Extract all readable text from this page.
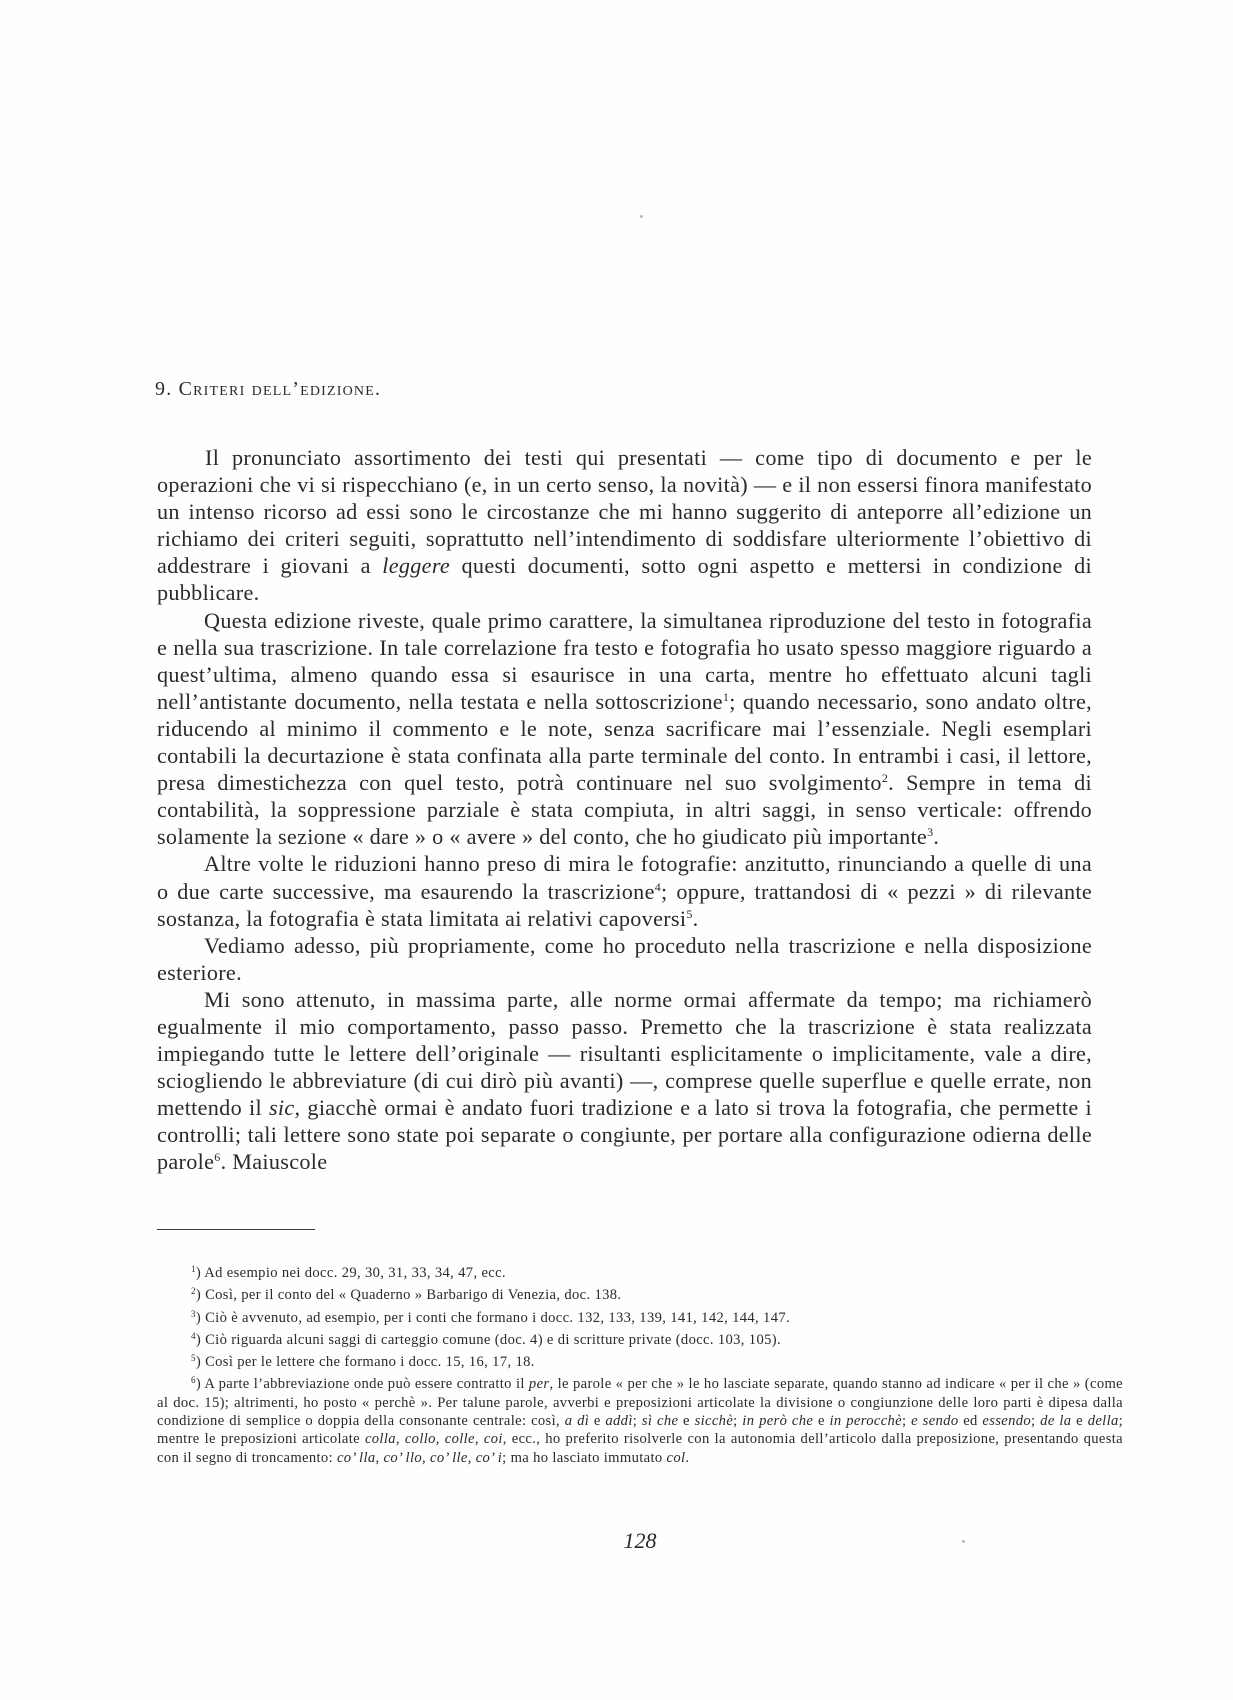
9. Criteri dell’edizione.

Il pronunciato assortimento dei testi qui presentati — come tipo di documento e per le operazioni che vi si rispecchiano (e, in un certo senso, la novità) — e il non essersi finora manifestato un intenso ricorso ad essi sono le circostanze che mi hanno suggerito di anteporre all’edizione un richiamo dei criteri seguiti, soprattutto nell’intendimento di soddisfare ulteriormente l’obiettivo di addestrare i giovani a leggere questi documenti, sotto ogni aspetto e mettersi in condizione di pubblicare.

Questa edizione riveste, quale primo carattere, la simultanea riproduzione del testo in fotografia e nella sua trascrizione. In tale correlazione fra testo e fotografia ho usato spesso maggiore riguardo a quest’ultima, almeno quando essa si esaurisce in una carta, mentre ho effettuato alcuni tagli nell’antistante documento, nella testata e nella sottoscrizione$^1$; quando necessario, sono andato oltre, riducendo al minimo il commento e le note, senza sacrificare mai l’essenziale. Negli esemplari contabili la decurtazione è stata confinata alla parte terminale del conto. In entrambi i casi, il lettore, presa dimestichezza con quel testo, potrà continuare nel suo svolgimento$^2$. Sempre in tema di contabilità, la soppressione parziale è stata compiuta, in altri saggi, in senso verticale: offrendo solamente la sezione « dare » o « avere » del conto, che ho giudicato più importante$^3$.

Altre volte le riduzioni hanno preso di mira le fotografie: anzitutto, rinunciando a quelle di una o due carte successive, ma esaurendo la trascrizione$^4$; oppure, trattandosi di « pezzi » di rilevante sostanza, la fotografia è stata limitata ai relativi capoversi$^5$.

Vediamo adesso, più propriamente, come ho proceduto nella trascrizione e nella disposizione esteriore.

Mi sono attenuto, in massima parte, alle norme ormai affermate da tempo; ma richiamerò egualmente il mio comportamento, passo passo. Premetto che la trascrizione è stata realizzata impiegando tutte le lettere dell’originale — risultanti esplicitamente o implicitamente, vale a dire, sciogliendo le abbreviature (di cui dirò più avanti) —, comprese quelle superflue e quelle errate, non mettendo il sic, giacchè ormai è andato fuori tradizione e a lato si trova la fotografia, che permette i controlli; tali lettere sono state poi separate o congiunte, per portare alla configurazione odierna delle parole$^6$. Maiuscole

$^1$) Ad esempio nei docc. 29, 30, 31, 33, 34, 47, ecc.

$^2$) Così, per il conto del « Quaderno » Barbarigo di Venezia, doc. 138.

$^3$) Ciò è avvenuto, ad esempio, per i conti che formano i docc. 132, 133, 139, 141, 142, 144, 147.

$^4$) Ciò riguarda alcuni saggi di carteggio comune (doc. 4) e di scritture private (docc. 103, 105).

$^5$) Così per le lettere che formano i docc. 15, 16, 17, 18.

$^6$) A parte l’abbreviazione onde può essere contratto il per, le parole « per che » le ho lasciate separate, quando stanno ad indicare « per il che » (come al doc. 15); altrimenti, ho posto « perchè ». Per talune parole, avverbi e preposizioni articolate la divisione o congiunzione delle loro parti è dipesa dalla condizione di semplice o doppia della consonante centrale: così, a dì e addì; sì che e sicchè; in però che e in perocchè; e sendo ed essendo; de la e della; mentre le preposizioni articolate colla, collo, colle, coi, ecc., ho preferito risolverle con la autonomia dell’articolo dalla preposizione, presentando questa con il segno di troncamento: co’ lla, co’ llo, co’ lle, co’ i; ma ho lasciato immutato col.

128
